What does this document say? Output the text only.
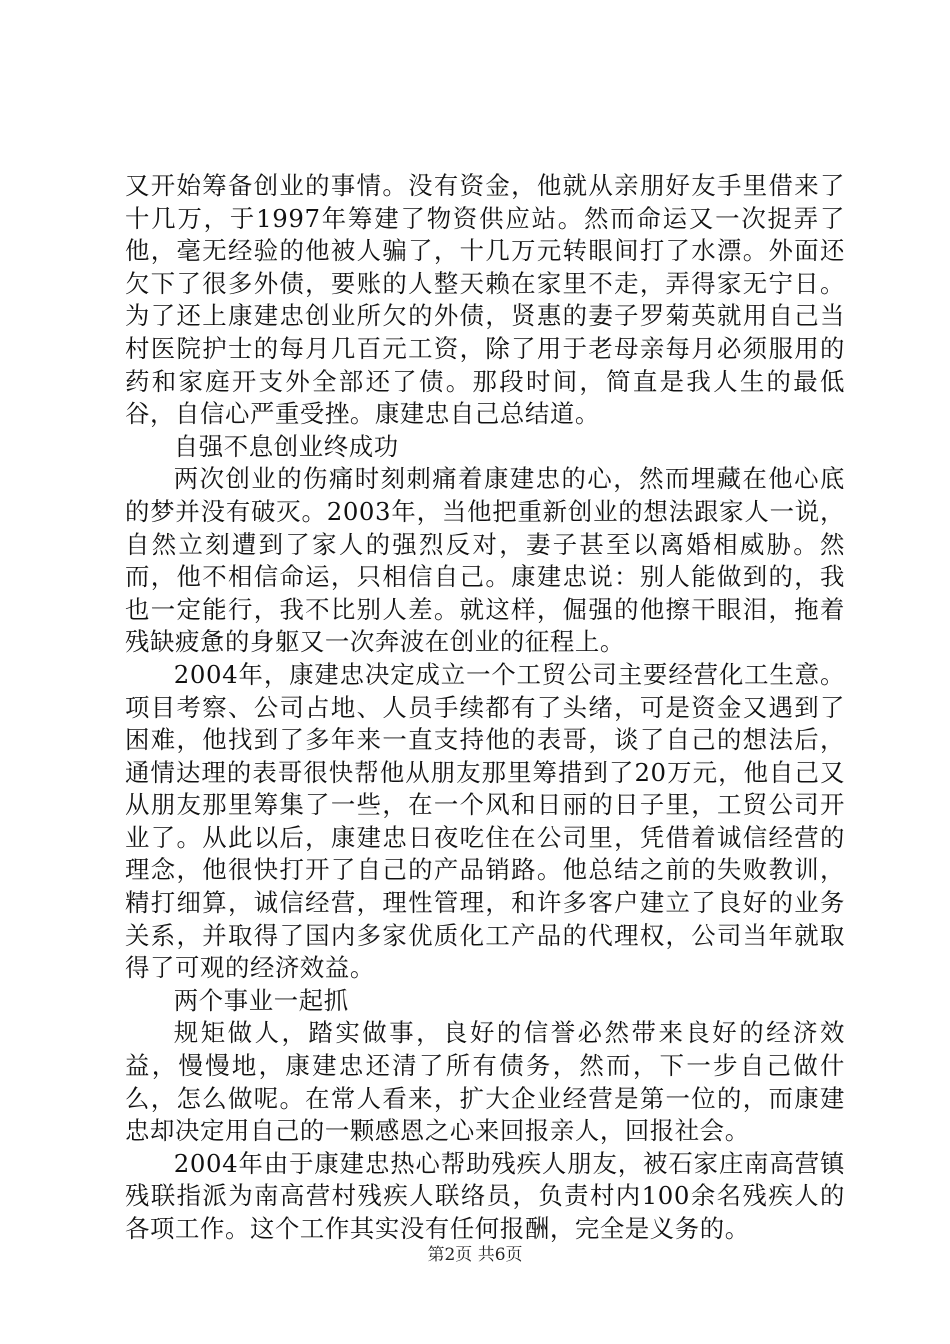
又开始筹备创业的事情。没有资金，他就从亲朋好友手里借来了十几万，于1997年筹建了物资供应站。然而命运又一次捉弄了他，毫无经验的他被人骗了，十几万元转眼间打了水漂。外面还欠下了很多外债，要账的人整天赖在家里不走，弄得家无宁日。为了还上康建忠创业所欠的外债，贤惠的妻子罗菊英就用自己当村医院护士的每月几百元工资，除了用于老母亲每月必须服用的药和家庭开支外全部还了债。那段时间，简直是我人生的最低谷，自信心严重受挫。康建忠自己总结道。

自强不息创业终成功

两次创业的伤痛时刻刺痛着康建忠的心，然而埋藏在他心底的梦并没有破灭。2003年，当他把重新创业的想法跟家人一说，自然立刻遭到了家人的强烈反对，妻子甚至以离婚相威胁。然而，他不相信命运，只相信自己。康建忠说：别人能做到的，我也一定能行，我不比别人差。就这样，倔强的他擦干眼泪，拖着残缺疲惫的身躯又一次奔波在创业的征程上。

2004年，康建忠决定成立一个工贸公司主要经营化工生意。项目考察、公司占地、人员手续都有了头绪，可是资金又遇到了困难，他找到了多年来一直支持他的表哥，谈了自己的想法后，通情达理的表哥很快帮他从朋友那里筹措到了20万元，他自己又从朋友那里筹集了一些，在一个风和日丽的日子里，工贸公司开业了。从此以后，康建忠日夜吃住在公司里，凭借着诚信经营的理念，他很快打开了自己的产品销路。他总结之前的失败教训，精打细算，诚信经营，理性管理，和许多客户建立了良好的业务关系，并取得了国内多家优质化工产品的代理权，公司当年就取得了可观的经济效益。

两个事业一起抓

规矩做人，踏实做事，良好的信誉必然带来良好的经济效益，慢慢地，康建忠还清了所有债务，然而，下一步自己做什么，怎么做呢。在常人看来，扩大企业经营是第一位的，而康建忠却决定用自己的一颗感恩之心来回报亲人，回报社会。

2004年由于康建忠热心帮助残疾人朋友，被石家庄南高营镇残联指派为南高营村残疾人联络员，负责村内100余名残疾人的各项工作。这个工作其实没有任何报酬，完全是义务的。

第2页 共6页
